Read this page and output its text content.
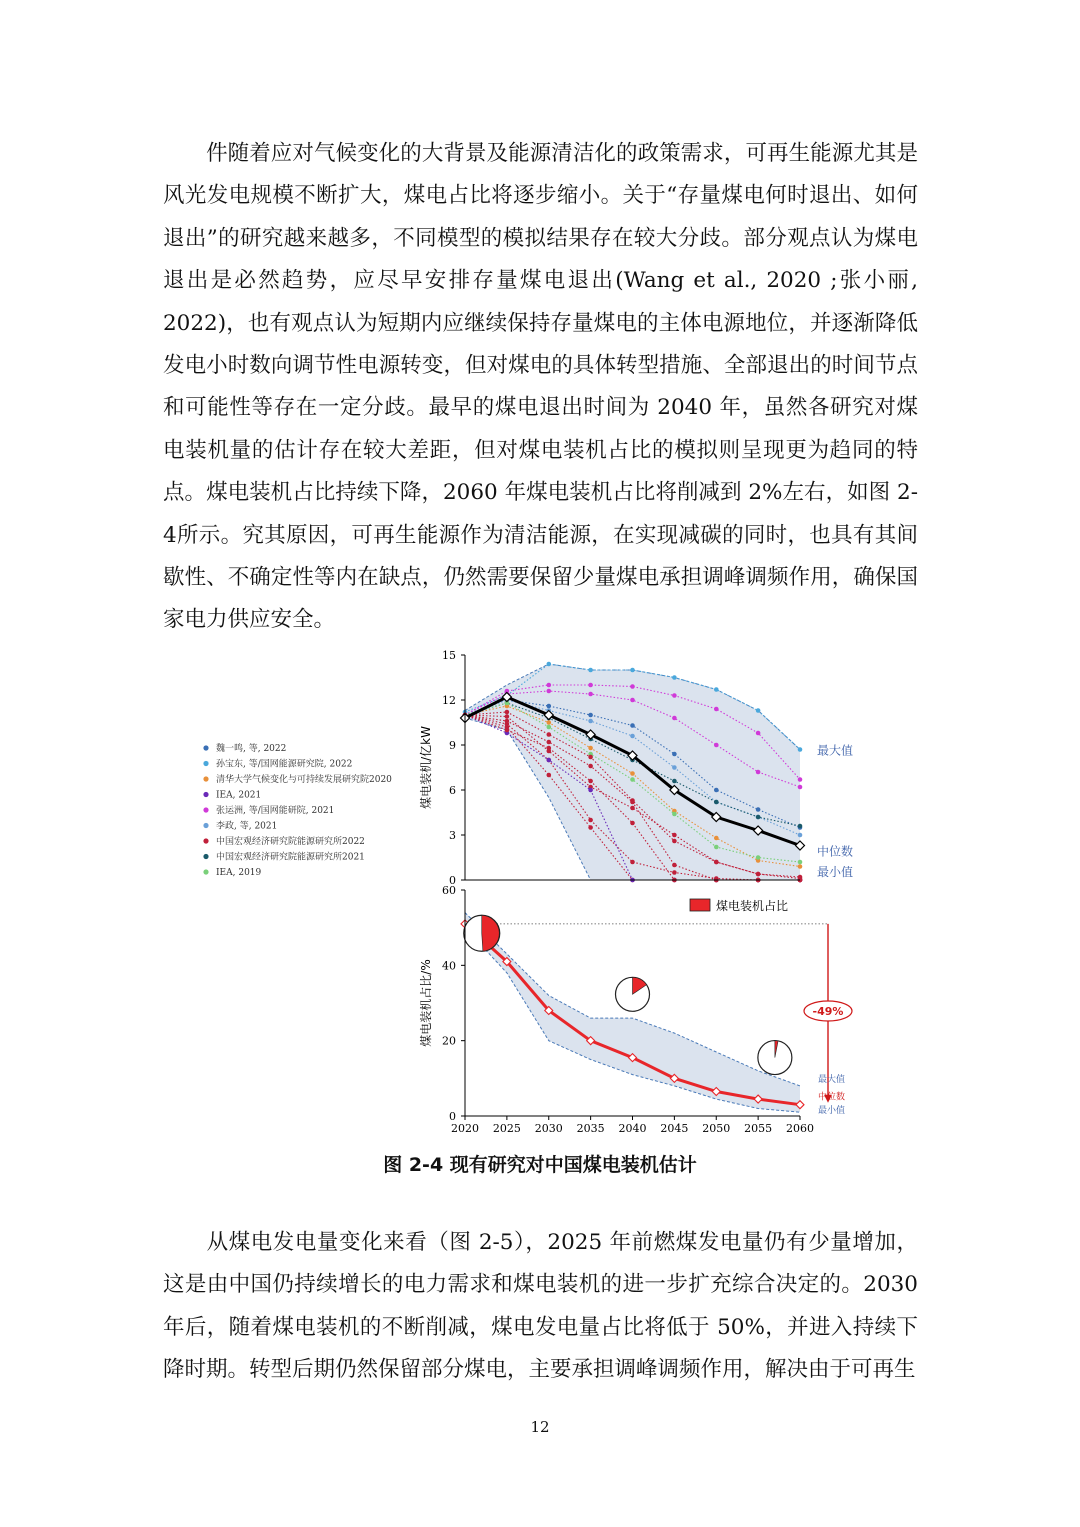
件随着应对气候变化的大背景及能源清洁化的政策需求，可再生能源尤其是风光发电规模不断扩大，煤电占比将逐步缩小。关于“存量煤电何时退出、如何退出”的研究越来越多，不同模型的模拟结果存在较大分歧。部分观点认为煤电退出是必然趋势，应尽早安排存量煤电退出(Wang et al., 2020 ;张小丽, 2022)，也有观点认为短期内应继续保持存量煤电的主体电源地位，并逐渐降低发电小时数向调节性电源转变，但对煤电的具体转型措施、全部退出的时间节点和可能性等存在一定分歧。最早的煤电退出时间为 2040 年，虽然各研究对煤电装机量的估计存在较大差距，但对煤电装机占比的模拟则呈现更为趋同的特点。煤电装机占比持续下降，2060 年煤电装机占比将削减到 2%左右，如图 2-4所示。究其原因，可再生能源作为清洁能源，在实现减碳的同时，也具有其间歇性、不确定性等内在缺点，仍然需要保留少量煤电承担调峰调频作用，确保国家电力供应安全。

魏一鸣, 等, 2022
孙宝东, 等/国网能源研究院, 2022
清华大学气候变化与可持续发展研究院2020
IEA, 2021
张运洲, 等/国网能研院, 2021
李政, 等, 2021
中国宏观经济研究院能源研究所2022
中国宏观经济研究院能源研究所2021
IEA, 2019
0
3
6
9
12
15
煤电装机/亿kW	最大值
中位数
最小值
煤电装机占比
-49%
0
20
40
60
2020 2025 2030 2035 2040 2045 2050 2055 2060
煤电装机占比/%
最大值
中位数
最小值
图 2-4 现有研究对中国煤电装机估计

从煤电发电量变化来看（图 2-5），2025 年前燃煤发电量仍有少量增加，这是由中国仍持续增长的电力需求和煤电装机的进一步扩充综合决定的。2030 年后，随着煤电装机的不断削减，煤电发电量占比将低于 50%，并进入持续下降时期。转型后期仍然保留部分煤电，主要承担调峰调频作用，解决由于可再生

12
